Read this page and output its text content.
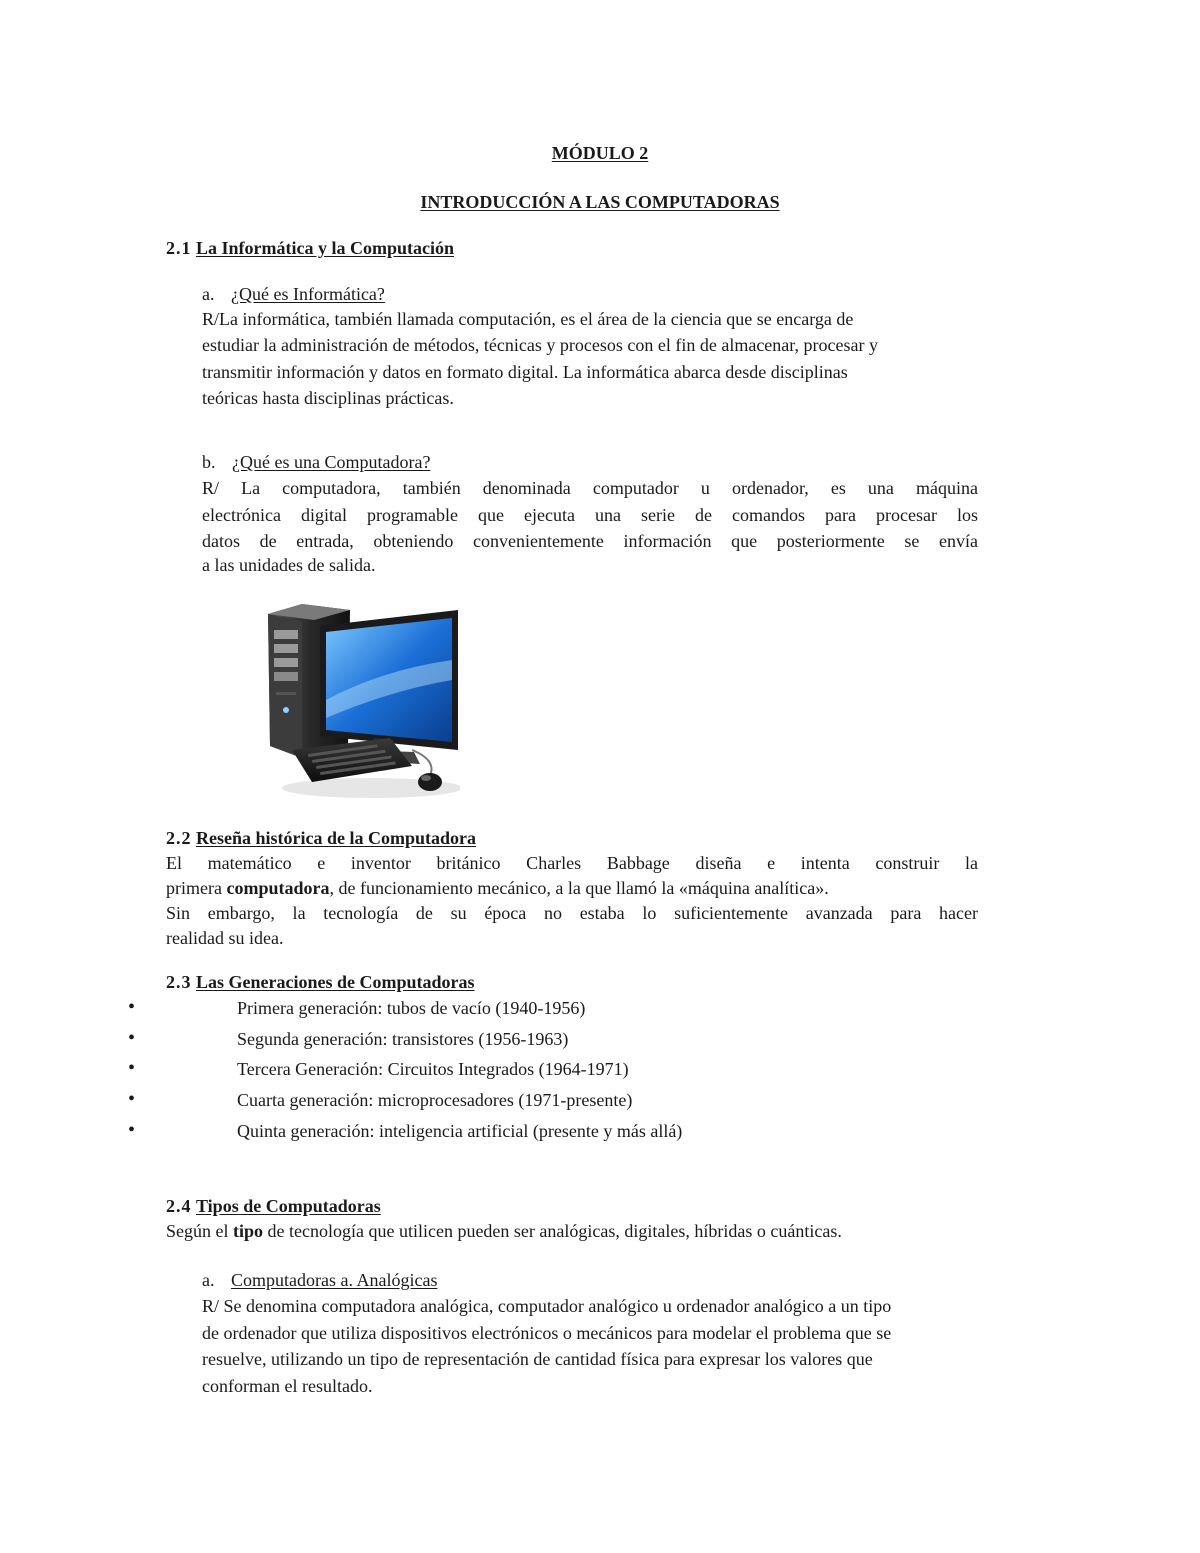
MÓDULO 2
INTRODUCCIÓN A LAS COMPUTADORAS
2.1 La Informática y la Computación
a. ¿Qué es Informática?
R/La informática, también llamada computación, es el área de la ciencia que se encarga de
estudiar la administración de métodos, técnicas y procesos con el fin de almacenar, procesar y
transmitir información y datos en formato digital. La informática abarca desde disciplinas
teóricas hasta disciplinas prácticas.
b. ¿Qué es una Computadora?
R/ La computadora, también denominada computador u ordenador, es una máquina
electrónica digital programable que ejecuta una serie de comandos para procesar los
datos de entrada, obteniendo convenientemente información que posteriormente se envía
a las unidades de salida.
2.2 Reseña histórica de la Computadora
El matemático e inventor británico Charles Babbage diseña e intenta construir la
primera computadora, de funcionamiento mecánico, a la que llamó la «máquina analítica».
Sin embargo, la tecnología de su época no estaba lo suficientemente avanzada para hacer
realidad su idea.
2.3 Las Generaciones de Computadoras
•	Primera generación: tubos de vacío (1940-1956)
•	Segunda generación: transistores (1956-1963)
•	Tercera Generación: Circuitos Integrados (1964-1971)
•	Cuarta generación: microprocesadores (1971-presente)
•	Quinta generación: inteligencia artificial (presente y más allá)
2.4 Tipos de Computadoras
Según el tipo de tecnología que utilicen pueden ser analógicas, digitales, híbridas o cuánticas.
a. Computadoras a. Analógicas
R/ Se denomina computadora analógica, computador analógico u ordenador analógico a un tipo
de ordenador que utiliza dispositivos electrónicos o mecánicos para modelar el problema que se
resuelve, utilizando un tipo de representación de cantidad física para expresar los valores que
conforman el resultado.
